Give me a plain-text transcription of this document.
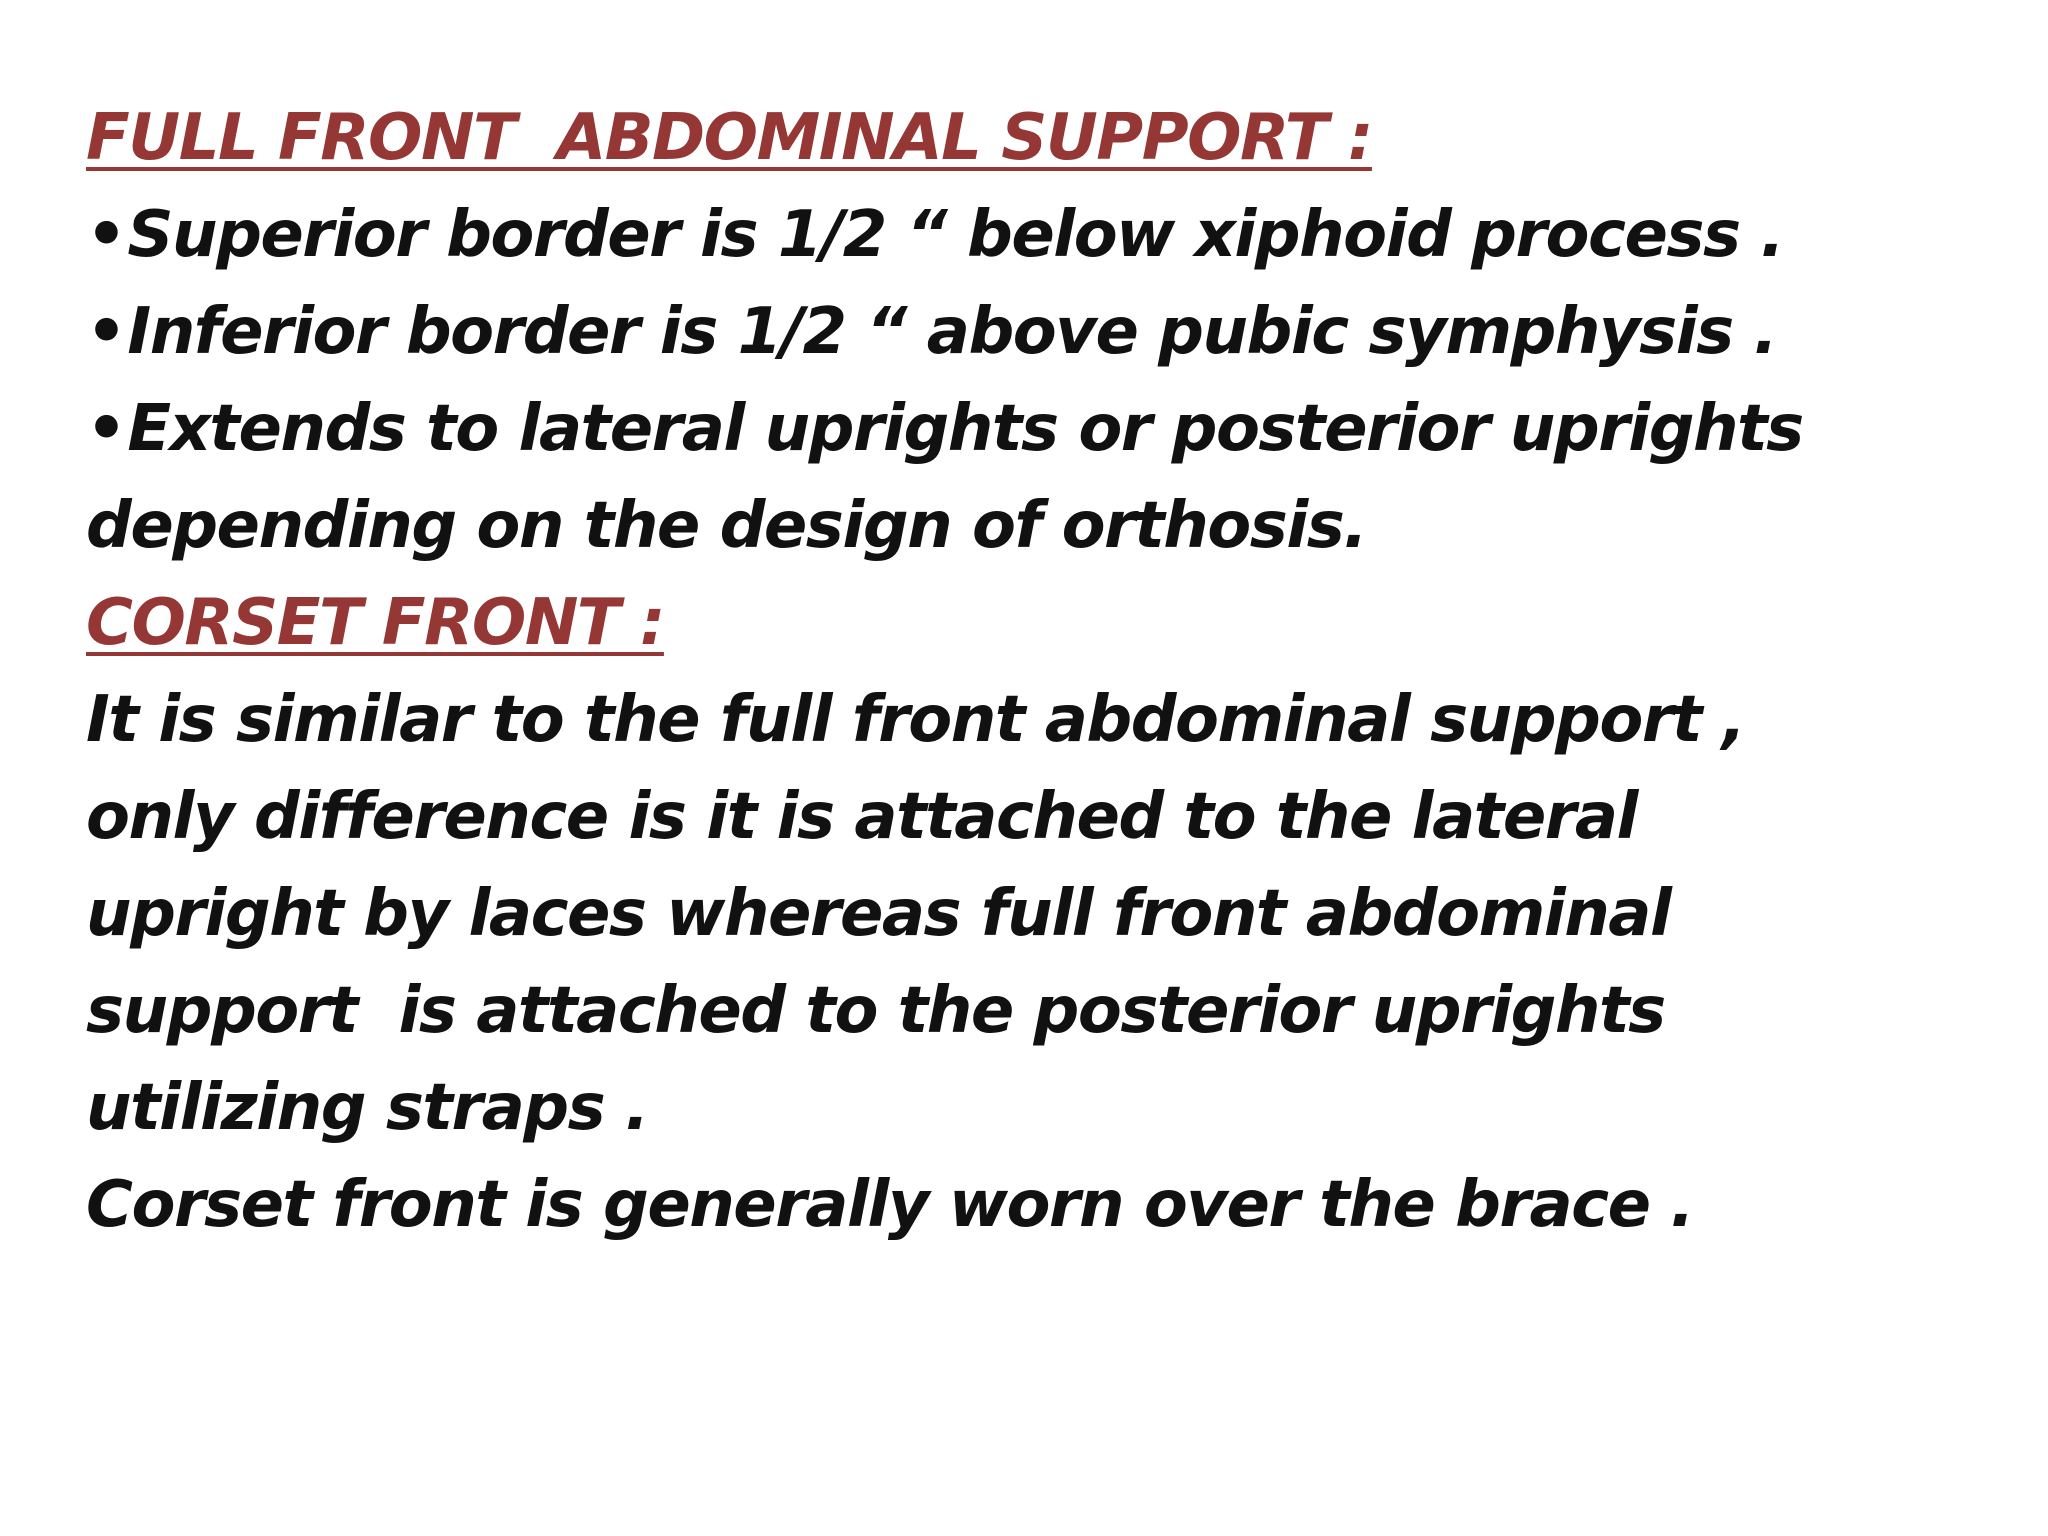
FULL FRONT  ABDOMINAL SUPPORT :
•Superior border is 1/2 “ below xiphoid process .
•Inferior border is 1/2 “ above pubic symphysis .
•Extends to lateral uprights or posterior uprights
depending on the design of orthosis.
CORSET FRONT :
It is similar to the full front abdominal support ,
only difference is it is attached to the lateral
upright by laces whereas full front abdominal
support  is attached to the posterior uprights
utilizing straps .
Corset front is generally worn over the brace .
